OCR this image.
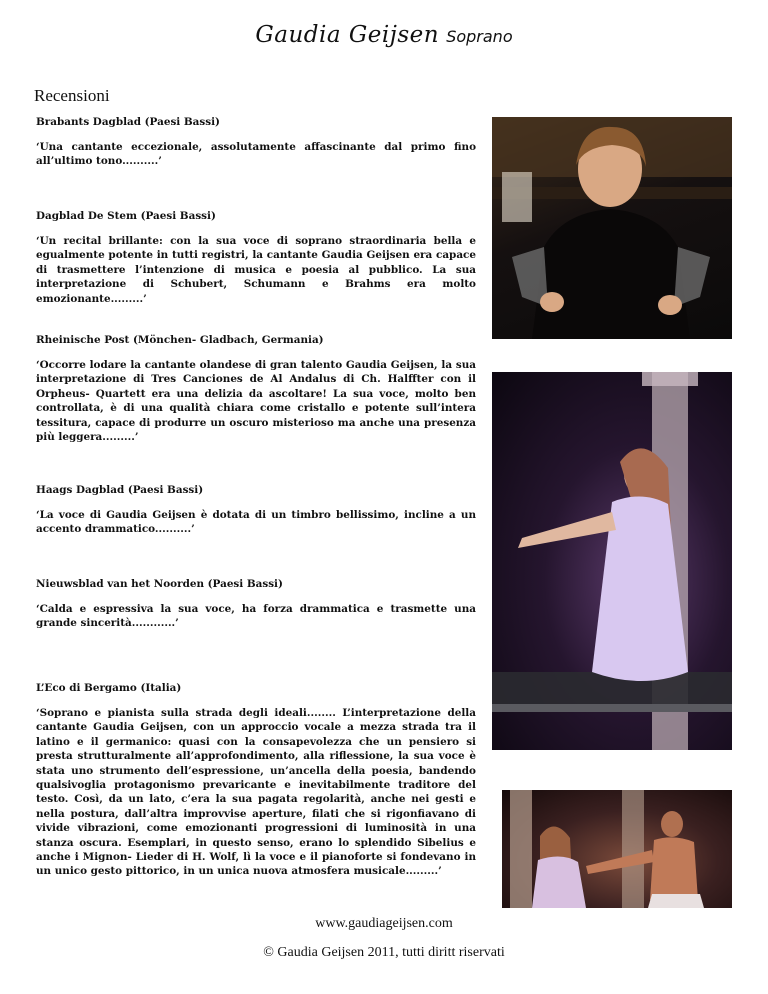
Gaudia Geijsen Soprano
Recensioni

Brabants Dagblad (Paesi Bassi)

‘Una cantante eccezionale, assolutamente affascinante dal primo fino all’ultimo tono..........’

Dagblad De Stem (Paesi Bassi)

‘Un recital brillante: con la sua voce di soprano straordinaria bella e egualmente potente in tutti registri, la cantante Gaudia Geijsen era capace di trasmettere l’intenzione di musica e poesia al pubblico. La sua interpretazione di Schubert, Schumann e Brahms era molto emozionante.........’

Rheinische Post (Mönchen- Gladbach, Germania)

‘Occorre lodare la cantante olandese di gran talento Gaudia Geijsen, la sua interpretazione di Tres Canciones de Al Andalus di Ch. Halffter con il Orpheus- Quartett era una delizia da ascoltare! La sua voce, molto ben controllata, è di una qualità chiara come cristallo e potente sull’intera tessitura, capace di produrre un oscuro misterioso ma anche una presenza più leggera.........’

Haags Dagblad (Paesi Bassi)

‘La voce di Gaudia Geijsen è dotata di un timbro bellissimo, incline a un accento drammatico..........’

Nieuwsblad van het Noorden (Paesi Bassi)

‘Calda e espressiva la sua voce, ha forza drammatica e trasmette una grande sincerità............’

L’Eco di Bergamo (Italia)

‘Soprano e pianista sulla strada degli ideali........ L’interpretazione della cantante Gaudia Geijsen, con un approccio vocale a mezza strada tra il latino e il germanico: quasi con la consapevolezza che un pensiero si presta strutturalmente all’approfondimento, alla riflessione, la sua voce è stata uno strumento dell’espressione, un’ancella della poesia, bandendo qualsivoglia protagonismo prevaricante e inevitabilmente traditore del testo. Così, da un lato, c’era la sua pagata regolarità, anche nei gesti e nella postura, dall’altra improvvise aperture, filati che si rigonfiavano di vivide vibrazioni, come emozionanti progressioni di luminosità in una stanza oscura. Esemplari, in questo senso, erano lo splendido Sibelius e anche i Mignon- Lieder di H. Wolf, lì la voce e il pianoforte si fondevano in un unico gesto pittorico, in un unica nuova atmosfera musicale.........’

www.gaudiageijsen.com
© Gaudia Geijsen 2011, tutti diritt riservati
